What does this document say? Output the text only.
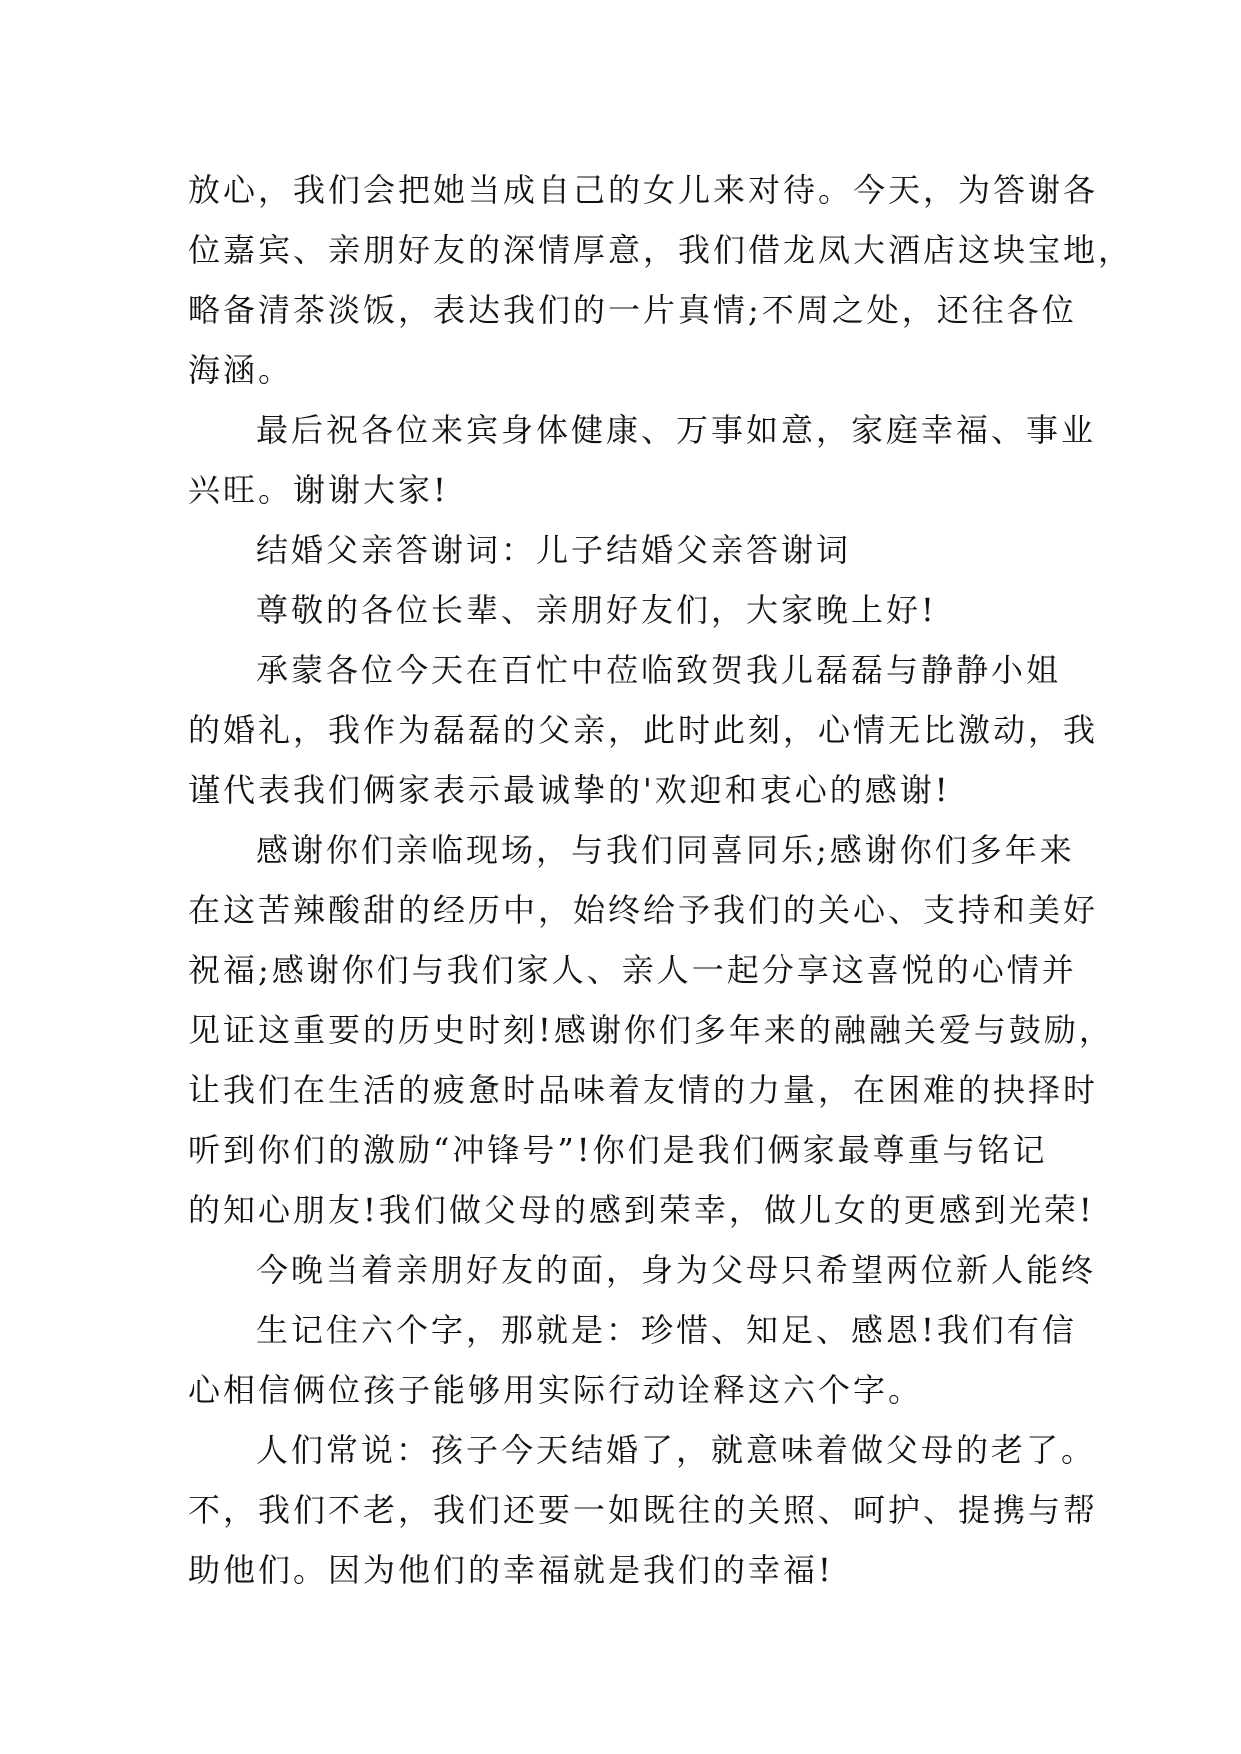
放心，我们会把她当成自己的女儿来对待。今天，为答谢各
位嘉宾、亲朋好友的深情厚意，我们借龙凤大酒店这块宝地，
略备清茶淡饭，表达我们的一片真情;不周之处，还往各位
海涵。
最后祝各位来宾身体健康、万事如意，家庭幸福、事业
兴旺。谢谢大家!
结婚父亲答谢词：儿子结婚父亲答谢词
尊敬的各位长辈、亲朋好友们，大家晚上好!
承蒙各位今天在百忙中莅临致贺我儿磊磊与静静小姐
的婚礼，我作为磊磊的父亲，此时此刻，心情无比激动，我
谨代表我们俩家表示最诚挚的'欢迎和衷心的感谢!
感谢你们亲临现场，与我们同喜同乐;感谢你们多年来
在这苦辣酸甜的经历中，始终给予我们的关心、支持和美好
祝福;感谢你们与我们家人、亲人一起分享这喜悦的心情并
见证这重要的历史时刻!感谢你们多年来的融融关爱与鼓励，
让我们在生活的疲惫时品味着友情的力量，在困难的抉择时
听到你们的激励“冲锋号”!你们是我们俩家最尊重与铭记
的知心朋友!我们做父母的感到荣幸，做儿女的更感到光荣!
今晚当着亲朋好友的面，身为父母只希望两位新人能终
生记住六个字，那就是：珍惜、知足、感恩!我们有信
心相信俩位孩子能够用实际行动诠释这六个字。
人们常说：孩子今天结婚了，就意味着做父母的老了。
不，我们不老，我们还要一如既往的关照、呵护、提携与帮
助他们。因为他们的幸福就是我们的幸福!
